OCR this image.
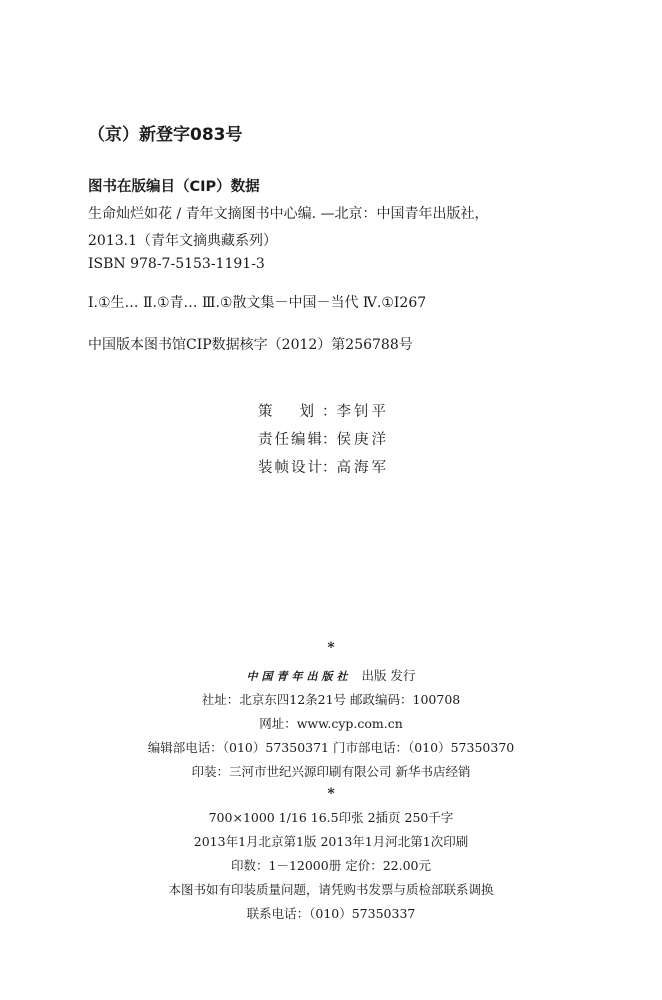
（京）新登字083号
图书在版编目（CIP）数据
生命灿烂如花 / 青年文摘图书中心编. —北京：中国青年出版社，
2013.1（青年文摘典藏系列）
ISBN 978-7-5153-1191-3
Ⅰ.①生… Ⅱ.①青… Ⅲ.①散文集－中国－当代 Ⅳ.①I267
中国版本图书馆CIP数据核字（2012）第256788号
策 划 ： 李钊平
责任编辑
： 侯庚洋
装帧设计
： 高海军
*
中国青年出版社 出版 发行
社址：北京东四12条21号 邮政编码：100708
网址：www.cyp.com.cn
编辑部电话：（010）57350371 门市部电话：（010）57350370
印装：三河市世纪兴源印刷有限公司 新华书店经销
*
700×1000 1/16 16.5印张 2插页 250千字
2013年1月北京第1版 2013年1月河北第1次印刷
印数：1－12000册 定价：22.00元
本图书如有印装质量问题，请凭购书发票与质检部联系调换
联系电话：（010）57350337
